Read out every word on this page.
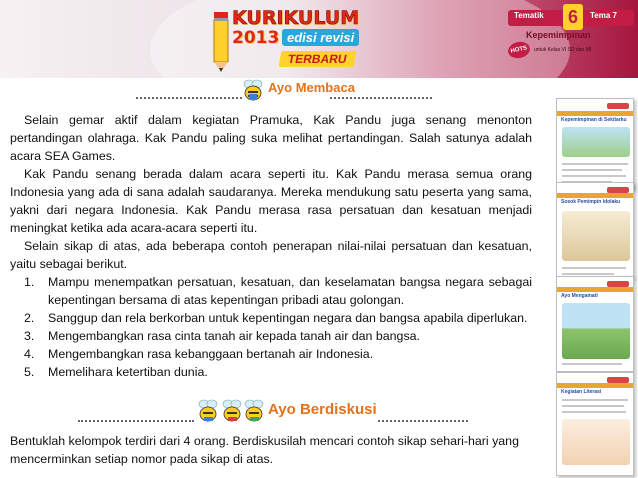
KURIKULUM
2013 edisi revisi
TERBARU
Tematik 6	Tema 7
Kepemimpinan
HOTS	untuk Kelas VI SD dan MI
Ayo Membaca

Selain gemar aktif dalam kegiatan Pramuka, Kak Pandu juga senang menonton pertandingan olahraga. Kak Pandu paling suka melihat pertandingan. Salah satunya adalah acara SEA Games.

Kak Pandu senang berada dalam acara seperti itu. Kak Pandu merasa semua orang Indonesia yang ada di sana adalah saudaranya. Mereka mendukung satu peserta yang sama, yakni dari negara Indonesia. Kak Pandu merasa rasa persatuan dan kesatuan menjadi meningkat ketika ada acara-acara seperti itu.

Selain sikap di atas, ada beberapa contoh penerapan nilai-nilai persatuan dan kesatuan, yaitu sebagai berikut.

1. Mampu menempatkan persatuan, kesatuan, dan keselamatan bangsa negara sebagai kepentingan bersama di atas kepentingan pribadi atau golongan.
2. Sanggup dan rela berkorban untuk kepentingan negara dan bangsa apabila diperlukan.
3. Mengembangkan rasa cinta tanah air kepada tanah air dan bangsa.
4. Mengembangkan rasa kebanggaan bertanah air Indonesia.
5. Memelihara ketertiban dunia.
Ayo Berdiskusi
Bentuklah kelompok terdiri dari 4 orang. Berdiskusilah mencari contoh sikap sehari-hari yang mencerminkan setiap nomor pada sikap di atas.
Kepemimpinan di Sekitarku
Sosok Pemimpin Idolaku
Ayo Mengamati
Kegiatan Literasi
